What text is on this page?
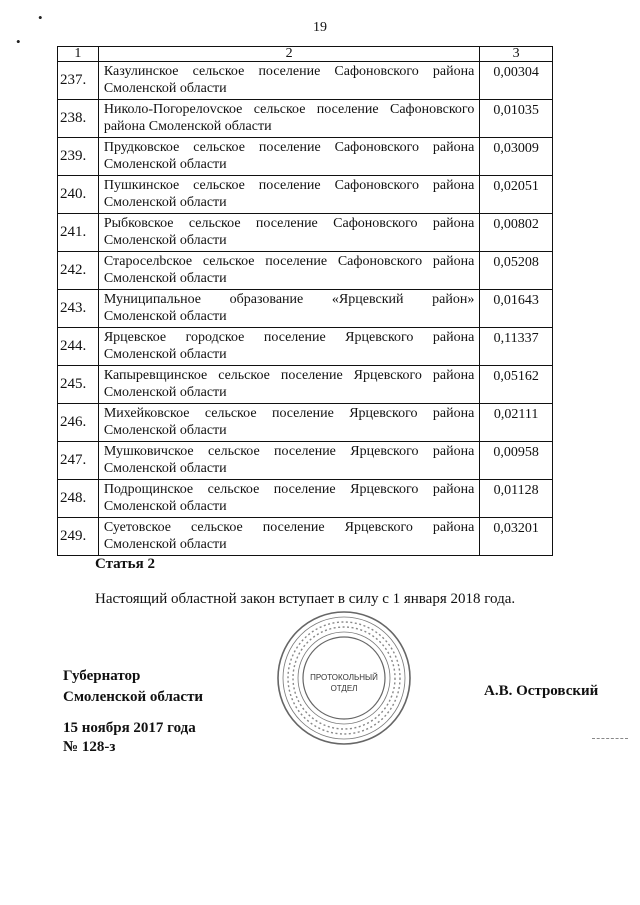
•
•
19
1	2	3
237.	Казулинское сельское поселение Сафоновского района Смоленской области	0,00304
238.	Николо-Погорелovское сельское поселение Сафоновского района Смоленской области	0,01035
239.	Прудковское сельское поселение Сафоновского района Смоленской области	0,03009
240.	Пушкинское сельское поселение Сафоновского района Смоленской области	0,02051
241.	Рыбковское сельское поселение Сафоновского района Смоленской области	0,00802
242.	Староселbское сельское поселение Сафоновского района Смоленской области	0,05208
243.	Муниципальное образование «Ярцевский район» Смоленской области	0,01643
244.	Ярцевское городское поселение Ярцевского района Смоленской области	0,11337
245.	Капыревщинское сельское поселение Ярцевского района Смоленской области	0,05162
246.	Михейковское сельское поселение Ярцевского района Смоленской области	0,02111
247.	Мушковичское сельское поселение Ярцевского района Смоленской области	0,00958
248.	Подрощинское сельское поселение Ярцевского района Смоленской области	0,01128
249.	Суетовское сельское поселение Ярцевского района Смоленской области	0,03201
Статья 2
Настоящий областной закон вступает в силу с 1 января 2018 года.
Губернатор
Смоленской области	А.В. Островский
15 ноября 2017 года
№ 128-з
ПРОТОКОЛЬНЫЙ
ОТДЕЛ
